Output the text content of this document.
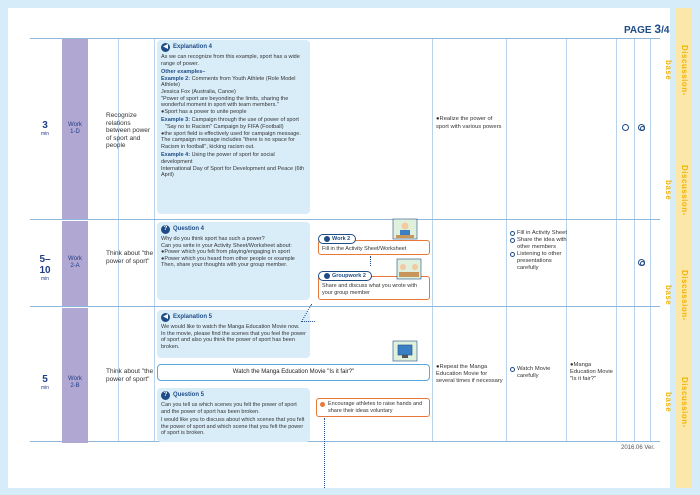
Discussion-base
Discussion-base
Discussion-base
Discussion-base
PAGE 3/4
3
min
Work
1-D
Recognize relations between power of sport and people
◀ Explanation 4
As we can recognize from this example, sport has a wide range of power.
Other examples–
Example 2: Comments from Youth Athlete (Role Model Athlete)
Jessica Fox (Australia, Canoe)
"Power of sport are beyonding the limits, sharing the wonderful moment in sport with team members."
●Sport has a power to unite people
Example 3: Campaign through the use of power of sport
"Say no to Racism" Campaign by FIFA (Football)
●the sport field is effectively used for campaign message.
The campaign message includes "there is no space for Racism in football", kicking racism out.
Example 4: Using the power of sport for social development
International Day of Sport for Development and Peace (6th April)
●Realize the power of sport with various powers
5–10
min
Work
2-A
Think about "the power of sport"
? Question 4
Why do you think sport has such a power?
Can you write in your Activity Sheet/Worksheet about:
●Power which you felt from playing/engaging in sport
●Power which you heard from other people or example
Then, share your thoughts with your group member.
Fill in the Activity Sheet/Worksheet
Work 2
Share and discuss what you wrote with your group member
Groupwork 2
Fill in Activity Sheet
Share the idea with other members
Listening to other presentations carefully
5
min
Work
2-B
Think about "the power of sport"
◀ Explanation 5
We would like to watch the Manga Education Movie now.
In the movie, please find the scenes that you feel the power of sport and also you think the power of sport has been broken.
Watch the Manga Education Movie "Is it fair?"
? Question 5
Can you tell us which scenes you felt the power of sport and the power of sport has been broken.
I would like you to discuss about which scenes that you felt the power of sport and which scene that you felt the power of sport is broken.
Encourage athletes to raise hands and share their ideas voluntary
●Repeat the Manga Education Movie for several times if necessary
Watch Movie carefully
●Manga Education Movie "Is it fair?"
2016.06 Ver.
